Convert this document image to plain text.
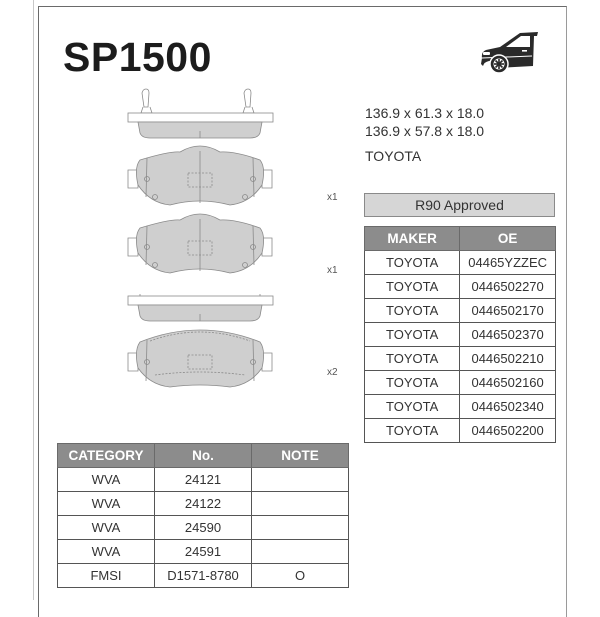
SP1500
136.9 x 61.3 x 18.0
136.9 x 57.8 x 18.0
TOYOTA
R90 Approved
x1
x1
x2
MAKER	OE
TOYOTA	04465YZZEC
TOYOTA	0446502270
TOYOTA	0446502170
TOYOTA	0446502370
TOYOTA	0446502210
TOYOTA	0446502160
TOYOTA	0446502340
TOYOTA	0446502200
CATEGORY	No.	NOTE
WVA	24121	
WVA	24122	
WVA	24590	
WVA	24591	
FMSI	D1571-8780	O
